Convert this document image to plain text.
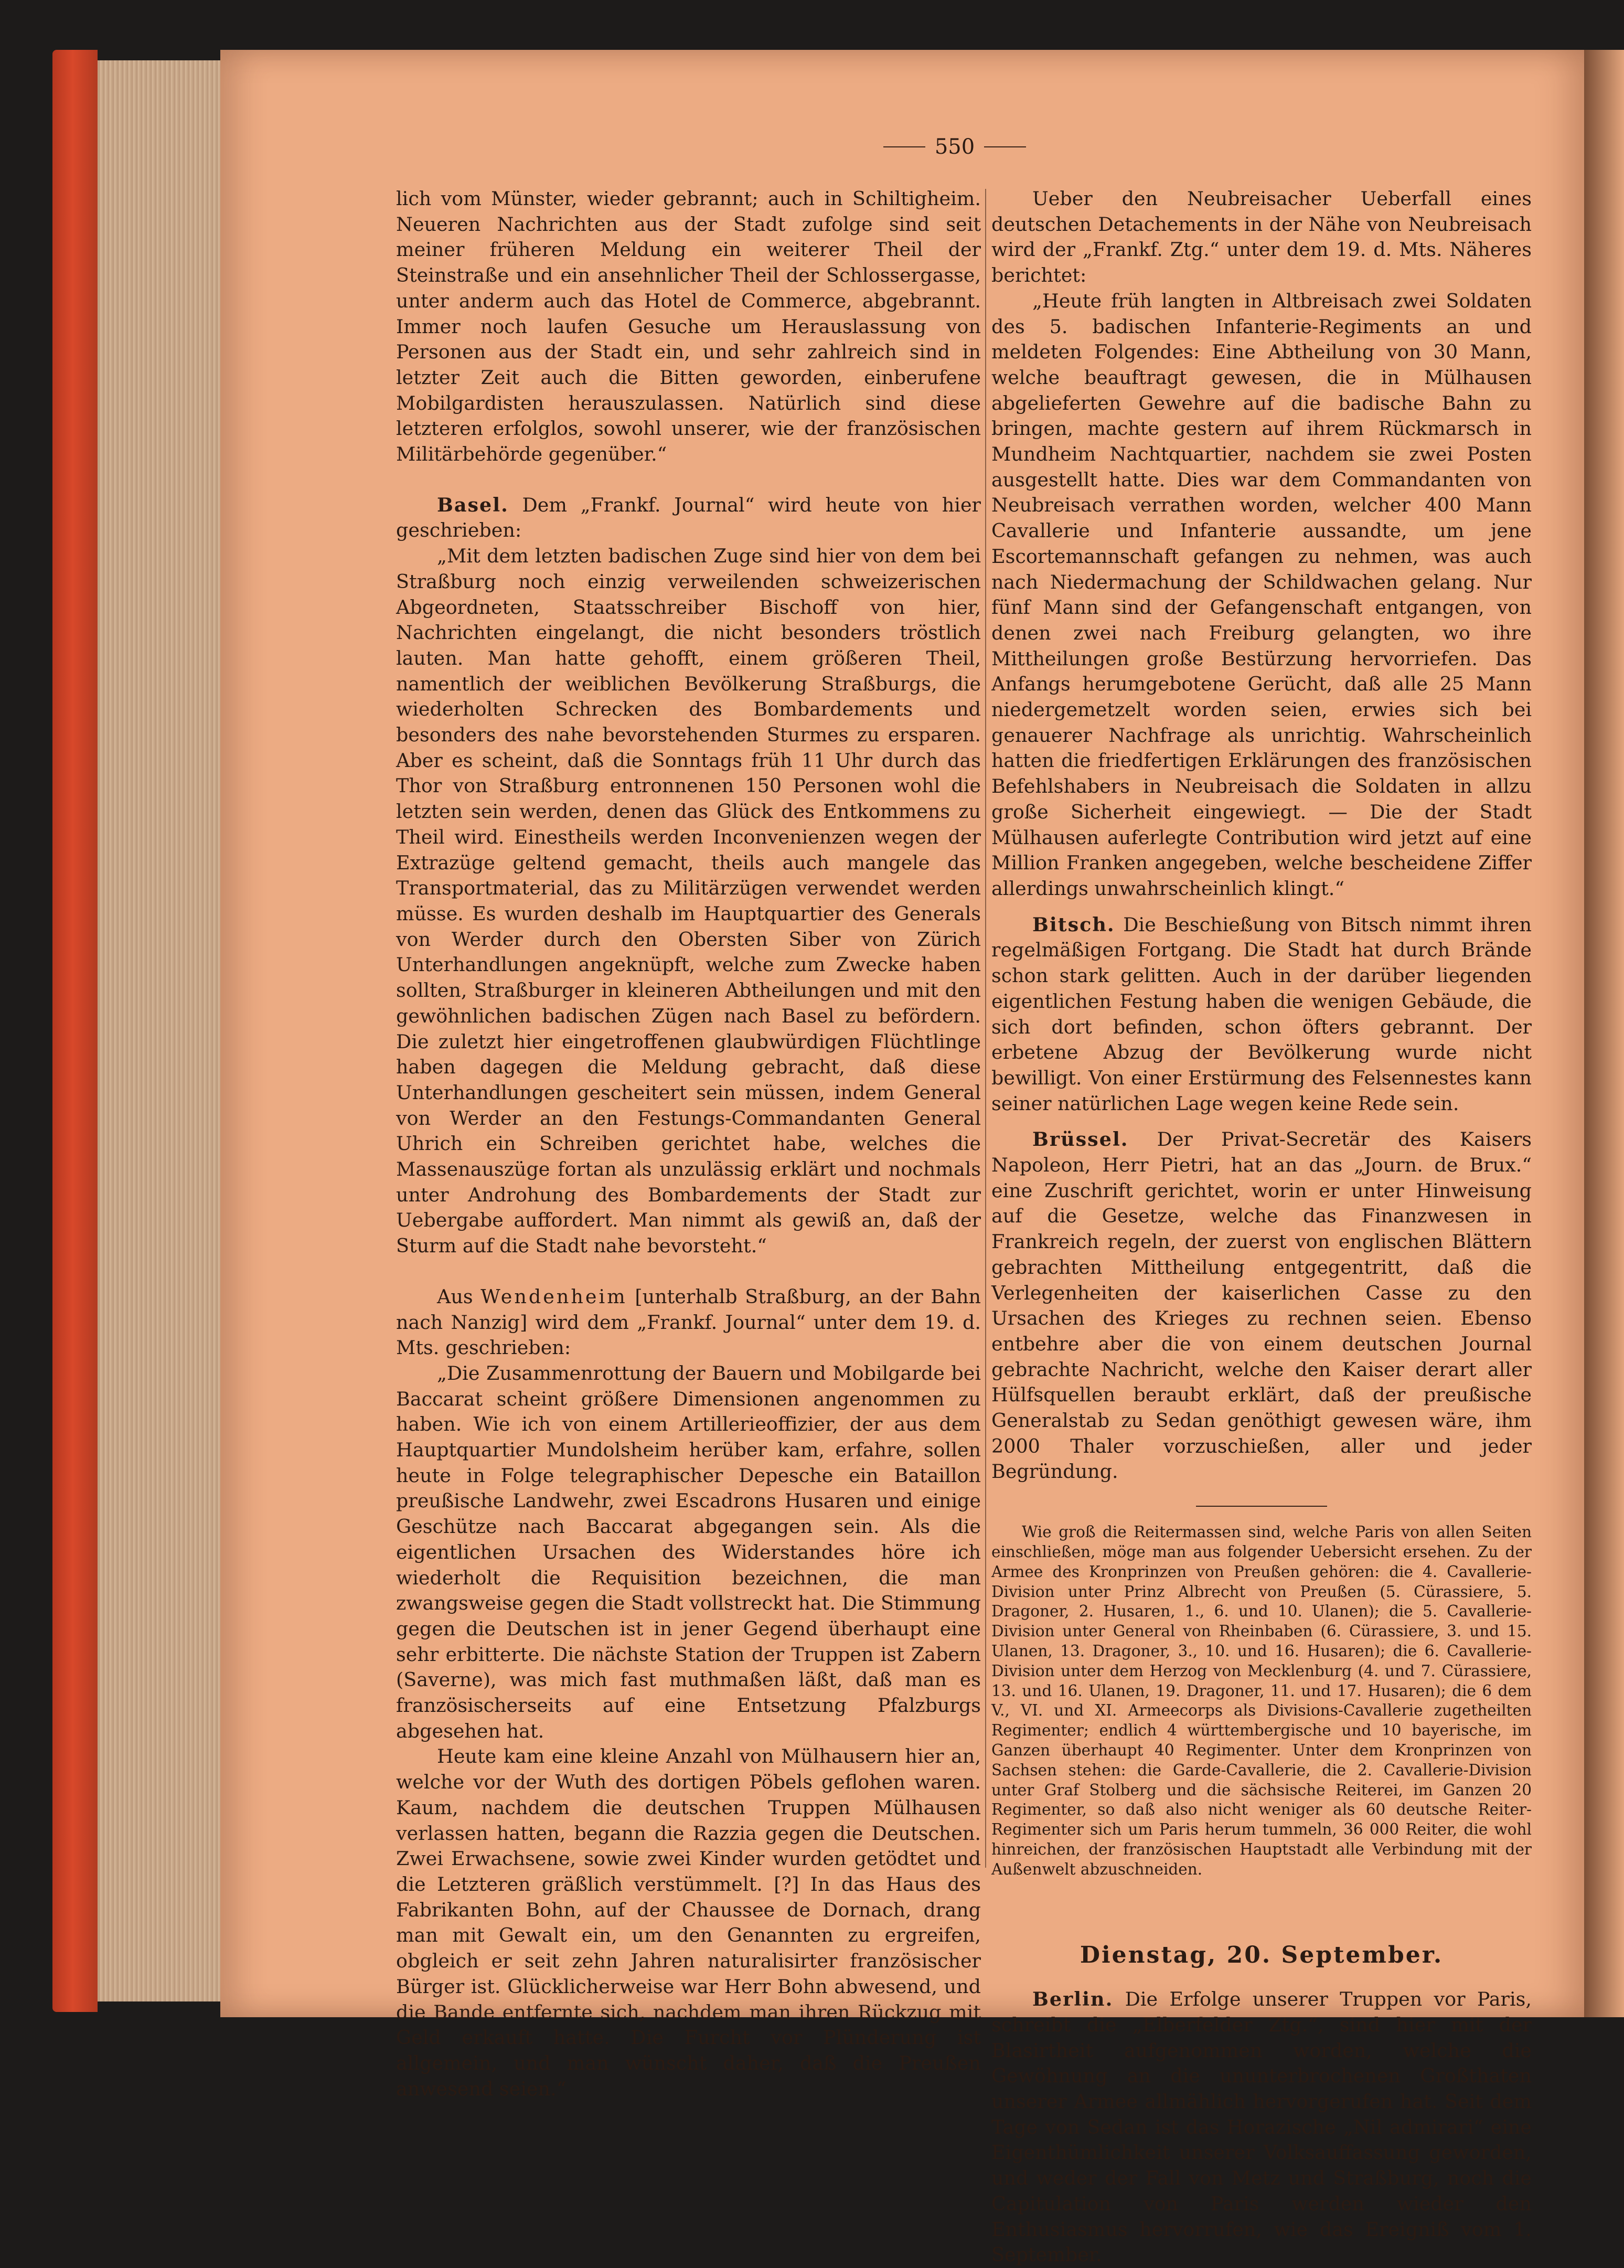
550

lich vom Münster, wieder gebrannt; auch in Schiltigheim. Neueren Nachrichten aus der Stadt zufolge sind seit meiner früheren Meldung ein weiterer Theil der Steinstraße und ein ansehnlicher Theil der Schlossergasse, unter anderm auch das Hotel de Commerce, abgebrannt. Immer noch laufen Gesuche um Herauslassung von Personen aus der Stadt ein, und sehr zahlreich sind in letzter Zeit auch die Bitten geworden, einberufene Mobilgardisten herauszulassen. Natürlich sind diese letzteren erfolglos, sowohl unserer, wie der französischen Militärbehörde gegenüber.“

Basel. Dem „Frankf. Journal“ wird heute von hier geschrieben:

„Mit dem letzten badischen Zuge sind hier von dem bei Straßburg noch einzig verweilenden schweizerischen Abgeordneten, Staatsschreiber Bischoff von hier, Nachrichten eingelangt, die nicht besonders tröstlich lauten. Man hatte gehofft, einem größeren Theil, namentlich der weiblichen Bevölkerung Straßburgs, die wiederholten Schrecken des Bombardements und besonders des nahe bevorstehenden Sturmes zu ersparen. Aber es scheint, daß die Sonntags früh 11 Uhr durch das Thor von Straßburg entronnenen 150 Personen wohl die letzten sein werden, denen das Glück des Entkommens zu Theil wird. Einestheils werden Inconvenienzen wegen der Extrazüge geltend gemacht, theils auch mangele das Transportmaterial, das zu Militärzügen verwendet werden müsse. Es wurden deshalb im Hauptquartier des Generals von Werder durch den Obersten Siber von Zürich Unterhandlungen angeknüpft, welche zum Zwecke haben sollten, Straßburger in kleineren Abtheilungen und mit den gewöhnlichen badischen Zügen nach Basel zu befördern. Die zuletzt hier eingetroffenen glaubwürdigen Flüchtlinge haben dagegen die Meldung gebracht, daß diese Unterhandlungen gescheitert sein müssen, indem General von Werder an den Festungs-Commandanten General Uhrich ein Schreiben gerichtet habe, welches die Massenauszüge fortan als unzulässig erklärt und nochmals unter Androhung des Bombardements der Stadt zur Uebergabe auffordert. Man nimmt als gewiß an, daß der Sturm auf die Stadt nahe bevorsteht.“

Aus Wendenheim [unterhalb Straßburg, an der Bahn nach Nanzig] wird dem „Frankf. Journal“ unter dem 19. d. Mts. geschrieben:

„Die Zusammenrottung der Bauern und Mobilgarde bei Baccarat scheint größere Dimensionen angenommen zu haben. Wie ich von einem Artillerieoffizier, der aus dem Hauptquartier Mundolsheim herüber kam, erfahre, sollen heute in Folge telegraphischer Depesche ein Bataillon preußische Landwehr, zwei Escadrons Husaren und einige Geschütze nach Baccarat abgegangen sein. Als die eigentlichen Ursachen des Widerstandes höre ich wiederholt die Requisition bezeichnen, die man zwangsweise gegen die Stadt vollstreckt hat. Die Stimmung gegen die Deutschen ist in jener Gegend überhaupt eine sehr erbitterte. Die nächste Station der Truppen ist Zabern (Saverne), was mich fast muthmaßen läßt, daß man es französischerseits auf eine Entsetzung Pfalzburgs abgesehen hat.

Heute kam eine kleine Anzahl von Mülhausern hier an, welche vor der Wuth des dortigen Pöbels geflohen waren. Kaum, nachdem die deutschen Truppen Mülhausen verlassen hatten, begann die Razzia gegen die Deutschen. Zwei Erwachsene, sowie zwei Kinder wurden getödtet und die Letzteren gräßlich verstümmelt. [?] In das Haus des Fabrikanten Bohn, auf der Chaussee de Dornach, drang man mit Gewalt ein, um den Genannten zu ergreifen, obgleich er seit zehn Jahren naturalisirter französischer Bürger ist. Glücklicherweise war Herr Bohn abwesend, und die Bande entfernte sich, nachdem man ihren Rückzug mit Geld erkauft hatte. Die Furcht vor Plünderung ist allgemein, und man wünscht daher, daß die Preußen anwesend seien.“

Ueber den Neubreisacher Ueberfall eines deutschen Detachements in der Nähe von Neubreisach wird der „Frankf. Ztg.“ unter dem 19. d. Mts. Näheres berichtet:

„Heute früh langten in Altbreisach zwei Soldaten des 5. badischen Infanterie-Regiments an und meldeten Folgendes: Eine Abtheilung von 30 Mann, welche beauftragt gewesen, die in Mülhausen abgelieferten Gewehre auf die badische Bahn zu bringen, machte gestern auf ihrem Rückmarsch in Mundheim Nachtquartier, nachdem sie zwei Posten ausgestellt hatte. Dies war dem Commandanten von Neubreisach verrathen worden, welcher 400 Mann Cavallerie und Infanterie aussandte, um jene Escortemannschaft gefangen zu nehmen, was auch nach Niedermachung der Schildwachen gelang. Nur fünf Mann sind der Gefangenschaft entgangen, von denen zwei nach Freiburg gelangten, wo ihre Mittheilungen große Bestürzung hervorriefen. Das Anfangs herumgebotene Gerücht, daß alle 25 Mann niedergemetzelt worden seien, erwies sich bei genauerer Nachfrage als unrichtig. Wahrscheinlich hatten die friedfertigen Erklärungen des französischen Befehlshabers in Neubreisach die Soldaten in allzu große Sicherheit eingewiegt. — Die der Stadt Mülhausen auferlegte Contribution wird jetzt auf eine Million Franken angegeben, welche bescheidene Ziffer allerdings unwahrscheinlich klingt.“

Bitsch. Die Beschießung von Bitsch nimmt ihren regelmäßigen Fortgang. Die Stadt hat durch Brände schon stark gelitten. Auch in der darüber liegenden eigentlichen Festung haben die wenigen Gebäude, die sich dort befinden, schon öfters gebrannt. Der erbetene Abzug der Bevölkerung wurde nicht bewilligt. Von einer Erstürmung des Felsennestes kann seiner natürlichen Lage wegen keine Rede sein.

Brüssel. Der Privat-Secretär des Kaisers Napoleon, Herr Pietri, hat an das „Journ. de Brux.“ eine Zuschrift gerichtet, worin er unter Hinweisung auf die Gesetze, welche das Finanzwesen in Frankreich regeln, der zuerst von englischen Blättern gebrachten Mittheilung entgegentritt, daß die Verlegenheiten der kaiserlichen Casse zu den Ursachen des Krieges zu rechnen seien. Ebenso entbehre aber die von einem deutschen Journal gebrachte Nachricht, welche den Kaiser derart aller Hülfsquellen beraubt erklärt, daß der preußische Generalstab zu Sedan genöthigt gewesen wäre, ihm 2000 Thaler vorzuschießen, aller und jeder Begründung.

Wie groß die Reitermassen sind, welche Paris von allen Seiten einschließen, möge man aus folgender Uebersicht ersehen. Zu der Armee des Kronprinzen von Preußen gehören: die 4. Cavallerie-Division unter Prinz Albrecht von Preußen (5. Cürassiere, 5. Dragoner, 2. Husaren, 1., 6. und 10. Ulanen); die 5. Cavallerie-Division unter General von Rheinbaben (6. Cürassiere, 3. und 15. Ulanen, 13. Dragoner, 3., 10. und 16. Husaren); die 6. Cavallerie-Division unter dem Herzog von Mecklenburg (4. und 7. Cürassiere, 13. und 16. Ulanen, 19. Dragoner, 11. und 17. Husaren); die 6 dem V., VI. und XI. Armeecorps als Divisions-Cavallerie zugetheilten Regimenter; endlich 4 württembergische und 10 bayerische, im Ganzen überhaupt 40 Regimenter. Unter dem Kronprinzen von Sachsen stehen: die Garde-Cavallerie, die 2. Cavallerie-Division unter Graf Stolberg und die sächsische Reiterei, im Ganzen 20 Regimenter, so daß also nicht weniger als 60 deutsche Reiter-Regimenter sich um Paris herum tummeln, 36 000 Reiter, die wohl hinreichen, der französischen Hauptstadt alle Verbindung mit der Außenwelt abzuschneiden.

Dienstag, 20. September.

Berlin. Die Erfolge unserer Truppen vor Paris, schreibt die „Elberfelder Ztg.“, sind hier mit der Blasirtheit aufgenommen worden, welche die Gewöhnung an die ununterbrochenen Großthaten unserer Armee allmählich hervorgerufen hat. Seit dem Tage von Sedan ist das Horazische „Nil admirari“ eine Eigenthümlichkeit unserer Volksauffassung geworden, und weder der Fall von Metz und Straßburg, noch die Capitulation von Paris werden wieder den Enthusiasmus hervorrufen, wie das Ereigniß vom 1. September.
